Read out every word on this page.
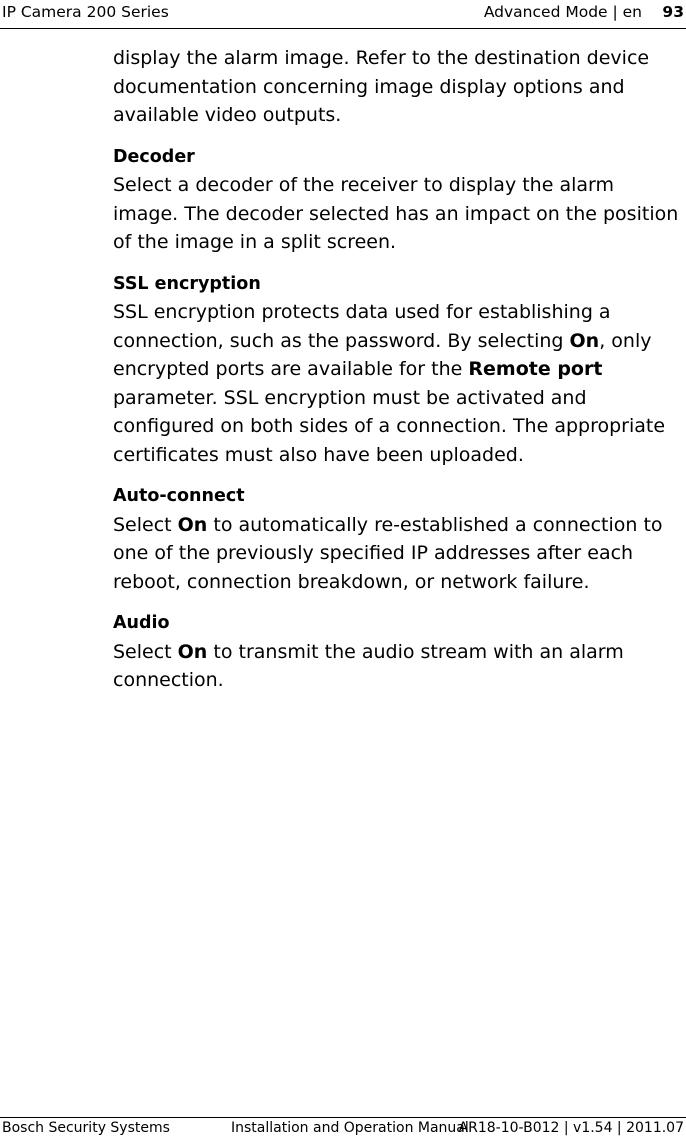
IP Camera 200 Series	Advanced Mode | en 93

display the alarm image. Refer to the destination device documentation concerning image display options and available video outputs.

Decoder

Select a decoder of the receiver to display the alarm image. The decoder selected has an impact on the position of the image in a split screen.

SSL encryption

SSL encryption protects data used for establishing a connection, such as the password. By selecting On, only encrypted ports are available for the Remote port parameter. SSL encryption must be activated and configured on both sides of a connection. The appropriate certificates must also have been uploaded.

Auto-connect

Select On to automatically re-established a connection to one of the previously specified IP addresses after each reboot, connection breakdown, or network failure.

Audio

Select On to transmit the audio stream with an alarm connection.

Bosch Security Systems	Installation and Operation Manual
AR18-10-B012 | v1.54 | 2011.07
